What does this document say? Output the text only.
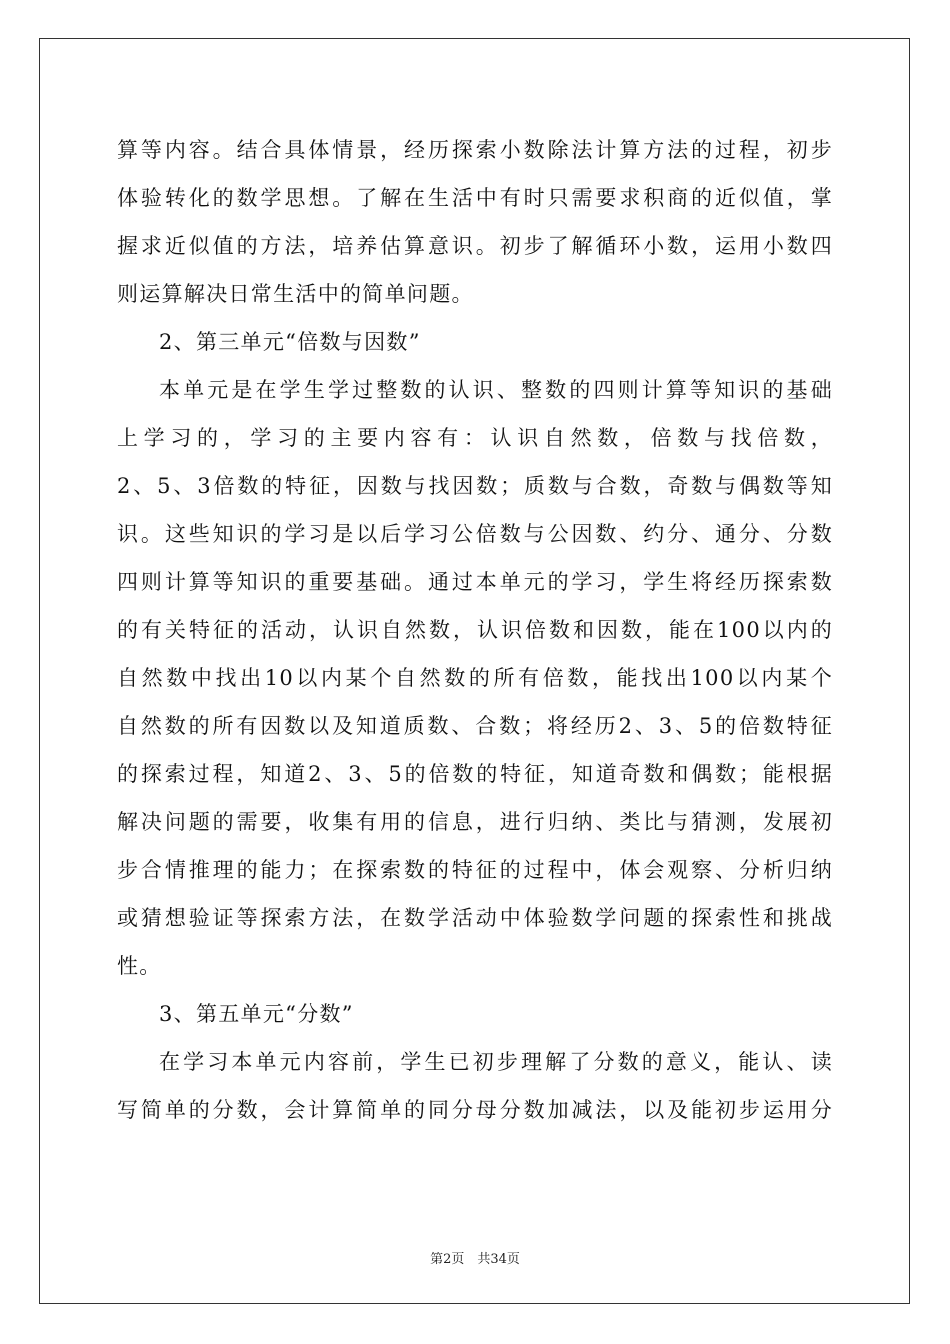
算等内容。结合具体情景，经历探索小数除法计算方法的过程，初步
体验转化的数学思想。了解在生活中有时只需要求积商的近似值，掌
握求近似值的方法，培养估算意识。初步了解循环小数，运用小数四
则运算解决日常生活中的简单问题。
2、第三单元“倍数与因数”
本单元是在学生学过整数的认识、整数的四则计算等知识的基础
上学习的，学习的主要内容有：认识自然数，倍数与找倍数，
2、5、3倍数的特征，因数与找因数；质数与合数，奇数与偶数等知
识。这些知识的学习是以后学习公倍数与公因数、约分、通分、分数
四则计算等知识的重要基础。通过本单元的学习，学生将经历探索数
的有关特征的活动，认识自然数，认识倍数和因数，能在100以内的
自然数中找出10以内某个自然数的所有倍数，能找出100以内某个
自然数的所有因数以及知道质数、合数；将经历2、3、5的倍数特征
的探索过程，知道2、3、5的倍数的特征，知道奇数和偶数；能根据
解决问题的需要，收集有用的信息，进行归纳、类比与猜测，发展初
步合情推理的能力；在探索数的特征的过程中，体会观察、分析归纳
或猜想验证等探索方法，在数学活动中体验数学问题的探索性和挑战
性。
3、第五单元“分数”
在学习本单元内容前，学生已初步理解了分数的意义，能认、读
写简单的分数，会计算简单的同分母分数加减法，以及能初步运用分
第2页　共34页
